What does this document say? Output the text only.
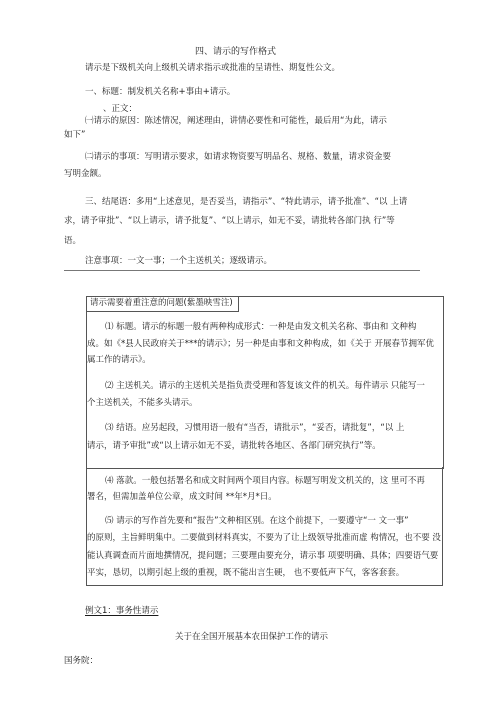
四、请示的写作格式
请示是下级机关向上级机关请求指示或批准的呈请性、期复性公文。
一、标题：制发机关名称+事由+请示。
、正文：
㈠请示的原因：陈述情况，阐述理由，讲情必要性和可能性，最后用“为此，请示
如下”
㈡请示的事项：写明请示要求，如请求物资要写明品名、规格、数量，请求资金要
写明金额。
三、结尾语：多用“上述意见，是否妥当，请指示”、“特此请示，请予批准”、“以 上请
求，请予审批”、“以上请示，请予批复”、“以上请示，如无不妥，请批转各部门执 行”等
语。
注意事项：一文一事；一个主送机关；逐级请示。
请示需要着重注意的问题(紫墨映雪注)
⑴ 标题。请示的标题一般有两种构成形式：一种是由发文机关名称、事由和 文种构
成。如《*县人民政府关于***的请示》；另一种是由事和文种构成，如《关于 开展春节拥军优
属工作的请示》。
⑵ 主送机关。请示的主送机关是指负责受理和答复该文件的机关。每件请示 只能写一
个主送机关，不能多头请示。
⑶ 结语。应另起段，习惯用语一般有“当否，请批示”，“妥否，请批复”，“以 上
请示，请予审批”或“以上请示如无不妥，请批转各地区、各部门研究执行”等。
⑷ 落款。一般包括署名和成文时间两个项目内容。标题写明发文机关的，这 里可不再
署名，但需加盖单位公章，成文时间 **年*月*日。
⑸ 请示的写作首先要和“报告”文种相区别。在这个前提下，一要遵守“一 文一事”
的原则，主旨鲜明集中。二要做到材料真实，不要为了让上级领导批准而虚 构情况，也不要 没
能认真调查而片面地撰情况，提问题；三要理由要充分，请示事 项要明确、具体；四要语气要
平实，恳切，以期引起上级的重视，既不能出言生硬， 也不要低声下气，客客套套。
例文1：事务性请示
关于在全国开展基本农田保护工作的请示
国务院：
